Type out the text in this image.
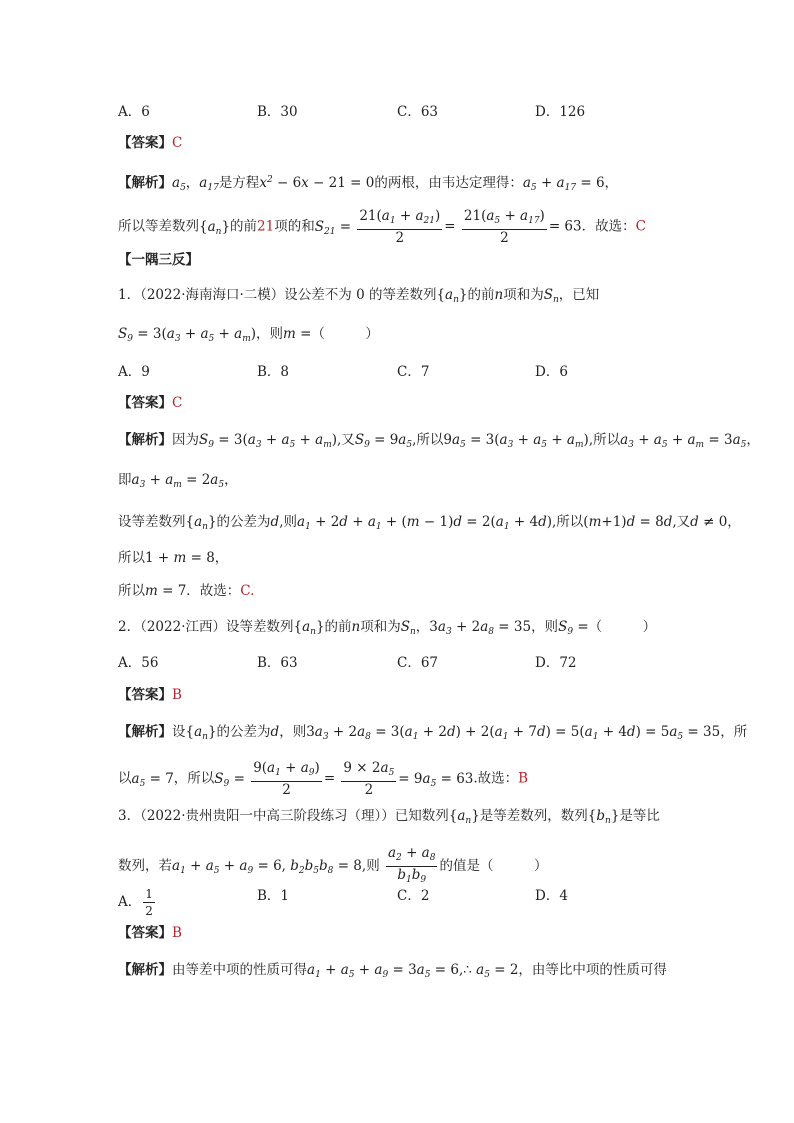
A．6	B．30	C．63	D．126
【答案】C
【解析】$a_5$，$a_{17}$是方程$x^2 - 6x - 21 = 0$的两根，由韦达定理得：$a_5 + a_{17} = 6$，
所以等差数列$\{a_n\}$的前21项的和$S_{21} = \frac{21(a_1 + a_{21})}{2} = \frac{21(a_5 + a_{17})}{2} = 63$．故选：C
【一隅三反】
1．（2022·海南海口·二模）设公差不为 0 的等差数列$\{a_n\}$的前n项和为$S_n$，已知
$S_9 = 3(a_3 + a_5 + a_m)$，则m =（　　　）
A．9	B．8	C．7	D．6
【答案】C
【解析】因为$S_9 = 3(a_3 + a_5 + a_m)$,又$S_9 = 9a_5$,所以$9a_5 = 3(a_3 + a_5 + a_m)$,所以$a_3 + a_5 + a_m = 3a_5$，
即$a_3 + a_m = 2a_5$，
设等差数列$\{a_n\}$的公差为d,则$a_1 + 2d + a_1 + (m - 1)d = 2(a_1 + 4d)$,所以(m+1)d = 8d,又d ≠ 0，
所以1 + m = 8，
所以m = 7．故选：C.
2．（2022·江西）设等差数列$\{a_n\}$的前n项和为$S_n$，$3a_3 + 2a_8 = 35$，则$S_9$ =（　　　）
A．56	B．63	C．67	D．72
【答案】B
【解析】设$\{a_n\}$的公差为d，则$3a_3 + 2a_8 = 3(a_1 + 2d) + 2(a_1 + 7d) = 5(a_1 + 4d) = 5a_5 = 35$，所
以$a_5 = 7$，所以$S_9 = \frac{9(a_1 + a_9)}{2} = \frac{9 \times 2a_5}{2} = 9a_5 = 63$.故选：B
3．（2022·贵州贵阳一中高三阶段练习（理））已知数列$\{a_n\}$是等差数列，数列$\{b_n\}$是等比
数列，若$a_1 + a_5 + a_9 = 6$, $b_2b_5b_8 = 8$,则 $\frac{a_2 + a_8}{b_1b_9}$ 的值是（　　　）
A． $\frac{1}{2}$	B．1	C．2	D．4
【答案】B
【解析】由等差中项的性质可得$a_1 + a_5 + a_9 = 3a_5$ = 6,∴ $a_5 = 2$，由等比中项的性质可得
